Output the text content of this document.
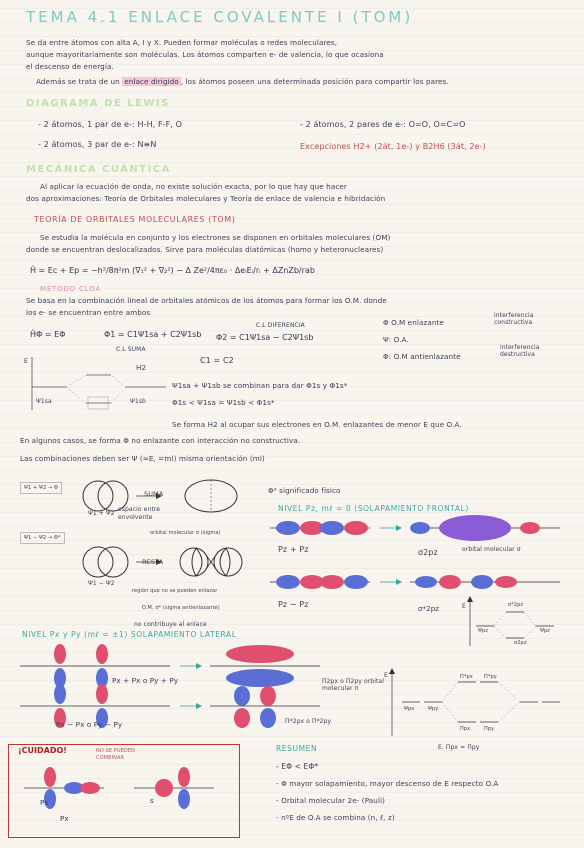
TEMA 4.1 ENLACE COVALENTE I (TOM)
Se da entre átomos con alta A, I y X. Pueden formar moléculas o redes moleculares,
aunque mayoritariamente son moléculas. Los átomos comparten e- de valencia, lo que ocasiona
el descenso de energía.
Además se trata de un enlace dirigido , los átomos poseen una determinada posición para compartir los pares.
DIAGRAMA DE LEWIS
- 2 átomos, 1 par de e-: H-H, F-F, O	- 2 átomos, 2 pares de e-: O=O, O=C=O
- 2 átomos, 3 par de e-: N≡N	Excepciones H2+ (2át, 1e-) y B2H6 (3át, 2e-)
MECÁNICA CUÁNTICA
Al aplicar la ecuación de onda, no existe solución exacta, por lo que hay que hacer
dos aproximaciones: Teoría de Orbitales moleculares y Teoría de enlace de valencia e hibridación
TEORÍA DE ORBITALES MOLECULARES (TOM)
Se estudia la molécula en conjunto y los electrones se disponen en orbitales moleculares (OM)
donde se encuentran deslocalizados. Sirve para moléculas diatómicas (homo y heteronucleares)
Ĥ = Ec + Ep = −h²/8π²m (∇₁² + ∇₂²) − Δ Ze²/4πε₀ · ΔeᵢEᵢ/rᵢ + ΔZnZb/rab
MÉTODO CLOA
Se basa en la combinación lineal de orbitales atómicos de los átomos para formar los O.M. donde
los e- se encuentran entre ambos
ĤΦ = EΦ	Φ1 = C1Ψ1sa + C2Ψ1sb Φ2 = C1Ψ1sa − C2Ψ1sb
C.L SUMA
C.L DIFERENCIA
C1 = C2
Φ O.M enlazante
interferencia constructiva
Ψ: O.A.
Φ: O.M antienlazante
interferencia destructiva
E
H2
Ψ1sa	Ψ1sb
Ψ1sa + Ψ1sb se combinan para dar Φ1s y Φ1s*
Φ1s < Ψ1sa = Ψ1sb < Φ1s*
Se forma H2 al ocupar sus electrones en O.M. enlazantes de menor E que O.A.
En algunos casos, se forma Φ no enlazante con interacción no constructiva.
Las combinaciones deben ser Ψ (≈E, =ml) misma orientación (ml)
Ψ1 + Ψ2 → Φ
Ψ1 − Ψ2 → Φ*
SUMA
espacio entre
envolvente
Ψ1 + Ψ2
orbital molecular σ (sigma)
RESTA
Ψ1 − Ψ2
región que no se pueden enlazar
O.M. σ* (sigma antienlazante)
no contribuye al enlace
Φ² significado físico
NIVEL Pz, mℓ = 0 (SOLAPAMIENTO FRONTAL)
Pz + Pz	σ2pz	orbital molecular σ
Pz − Pz	σ*2pz	E	σ*2pz
σ2pz
Ψpz	Ψpz
NIVEL Px y Py (mℓ = ±1) SOLAPAMIENTO LATERAL
Px + Px o Py + Py
Px − Px o Py − Py
Π2px o Π2py orbital molecular π
Π*2px o Π*2py
E	Π*px Π*py
Ψpx	Ψpy
Πpx	Πpy
E. Πpx = Πpy
¡CUIDADO!	NO SE PUEDEN COMBINAR
Px
Px
s
RESUMEN
- EΦ < EΦ*
- Φ mayor solapamiento, mayor descenso de E respecto O.A
- Orbital molecular 2e- (Pauli)
- nºE de O.A se combina (n, ℓ, z)
